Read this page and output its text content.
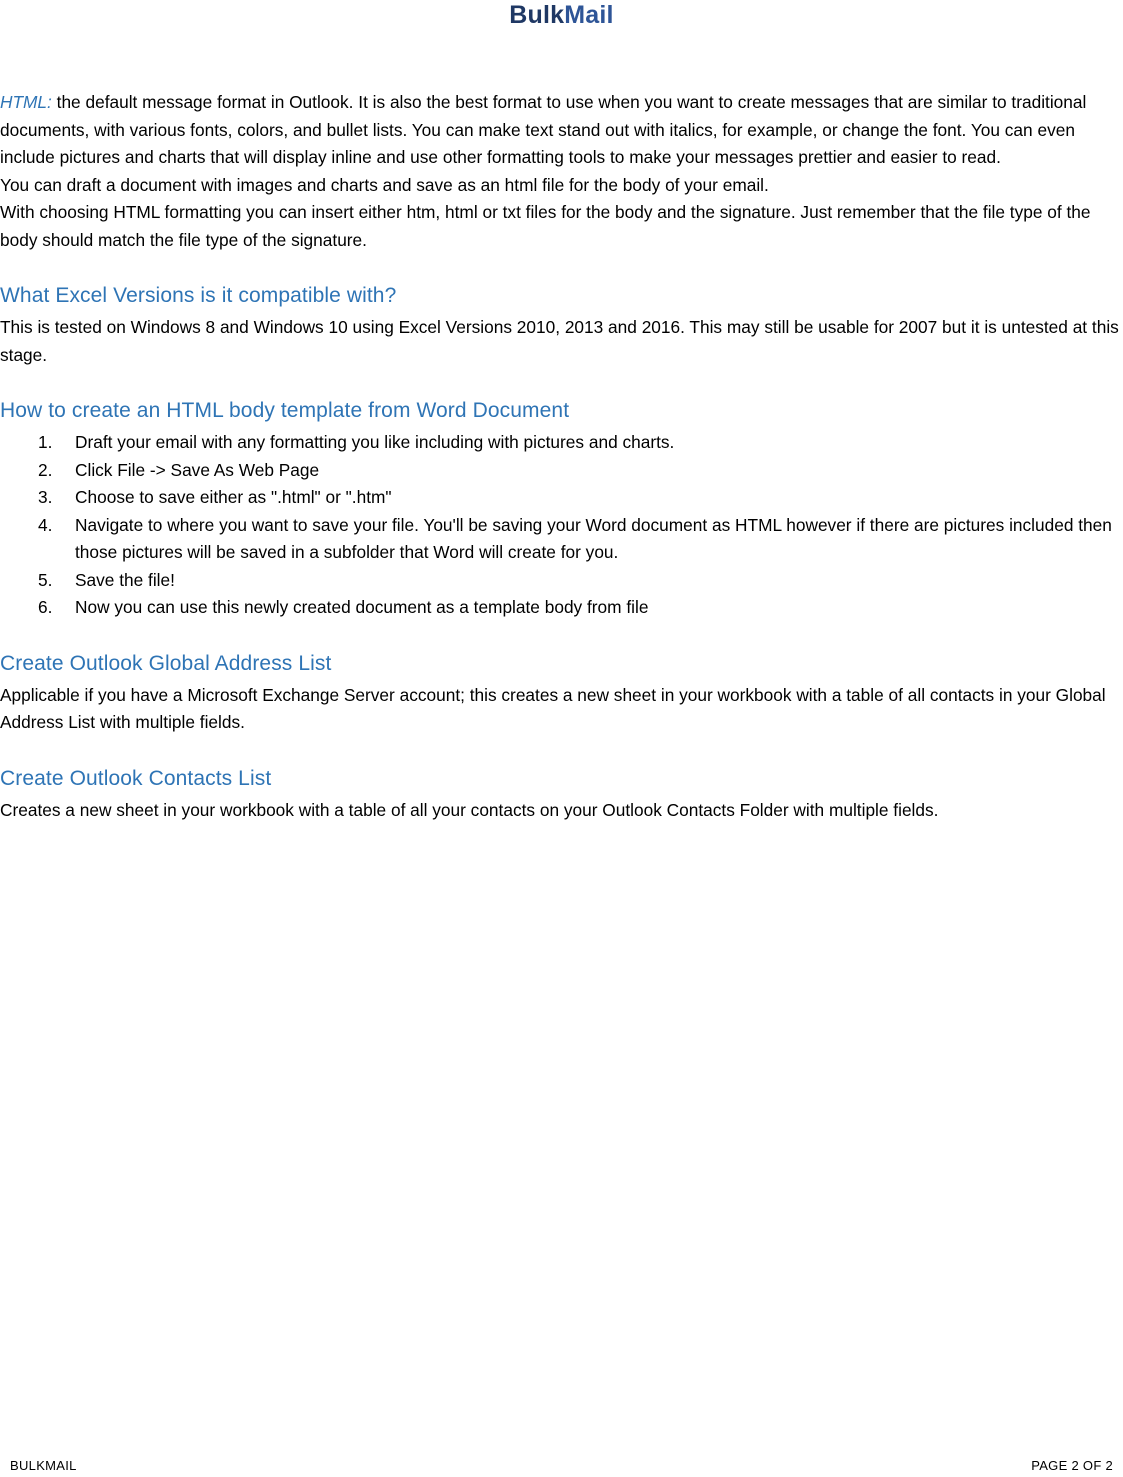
BulkMail

HTML: the default message format in Outlook. It is also the best format to use when you want to create messages that are similar to traditional documents, with various fonts, colors, and bullet lists. You can make text stand out with italics, for example, or change the font. You can even include pictures and charts that will display inline and use other formatting tools to make your messages prettier and easier to read.

You can draft a document with images and charts and save as an html file for the body of your email.

With choosing HTML formatting you can insert either htm, html or txt files for the body and the signature. Just remember that the file type of the body should match the file type of the signature.

What Excel Versions is it compatible with?

This is tested on Windows 8 and Windows 10 using Excel Versions 2010, 2013 and 2016. This may still be usable for 2007 but it is untested at this stage.

How to create an HTML body template from Word Document
1. Draft your email with any formatting you like including with pictures and charts.
2. Click File -> Save As Web Page
3. Choose to save either as ".html" or ".htm"
4. Navigate to where you want to save your file. You'll be saving your Word document as HTML however if there are pictures included then those pictures will be saved in a subfolder that Word will create for you.
5. Save the file!
6. Now you can use this newly created document as a template body from file
Create Outlook Global Address List

Applicable if you have a Microsoft Exchange Server account; this creates a new sheet in your workbook with a table of all contacts in your Global Address List with multiple fields.

Create Outlook Contacts List

Creates a new sheet in your workbook with a table of all your contacts on your Outlook Contacts Folder with multiple fields.

BULKMAIL	PAGE 2 OF 2
